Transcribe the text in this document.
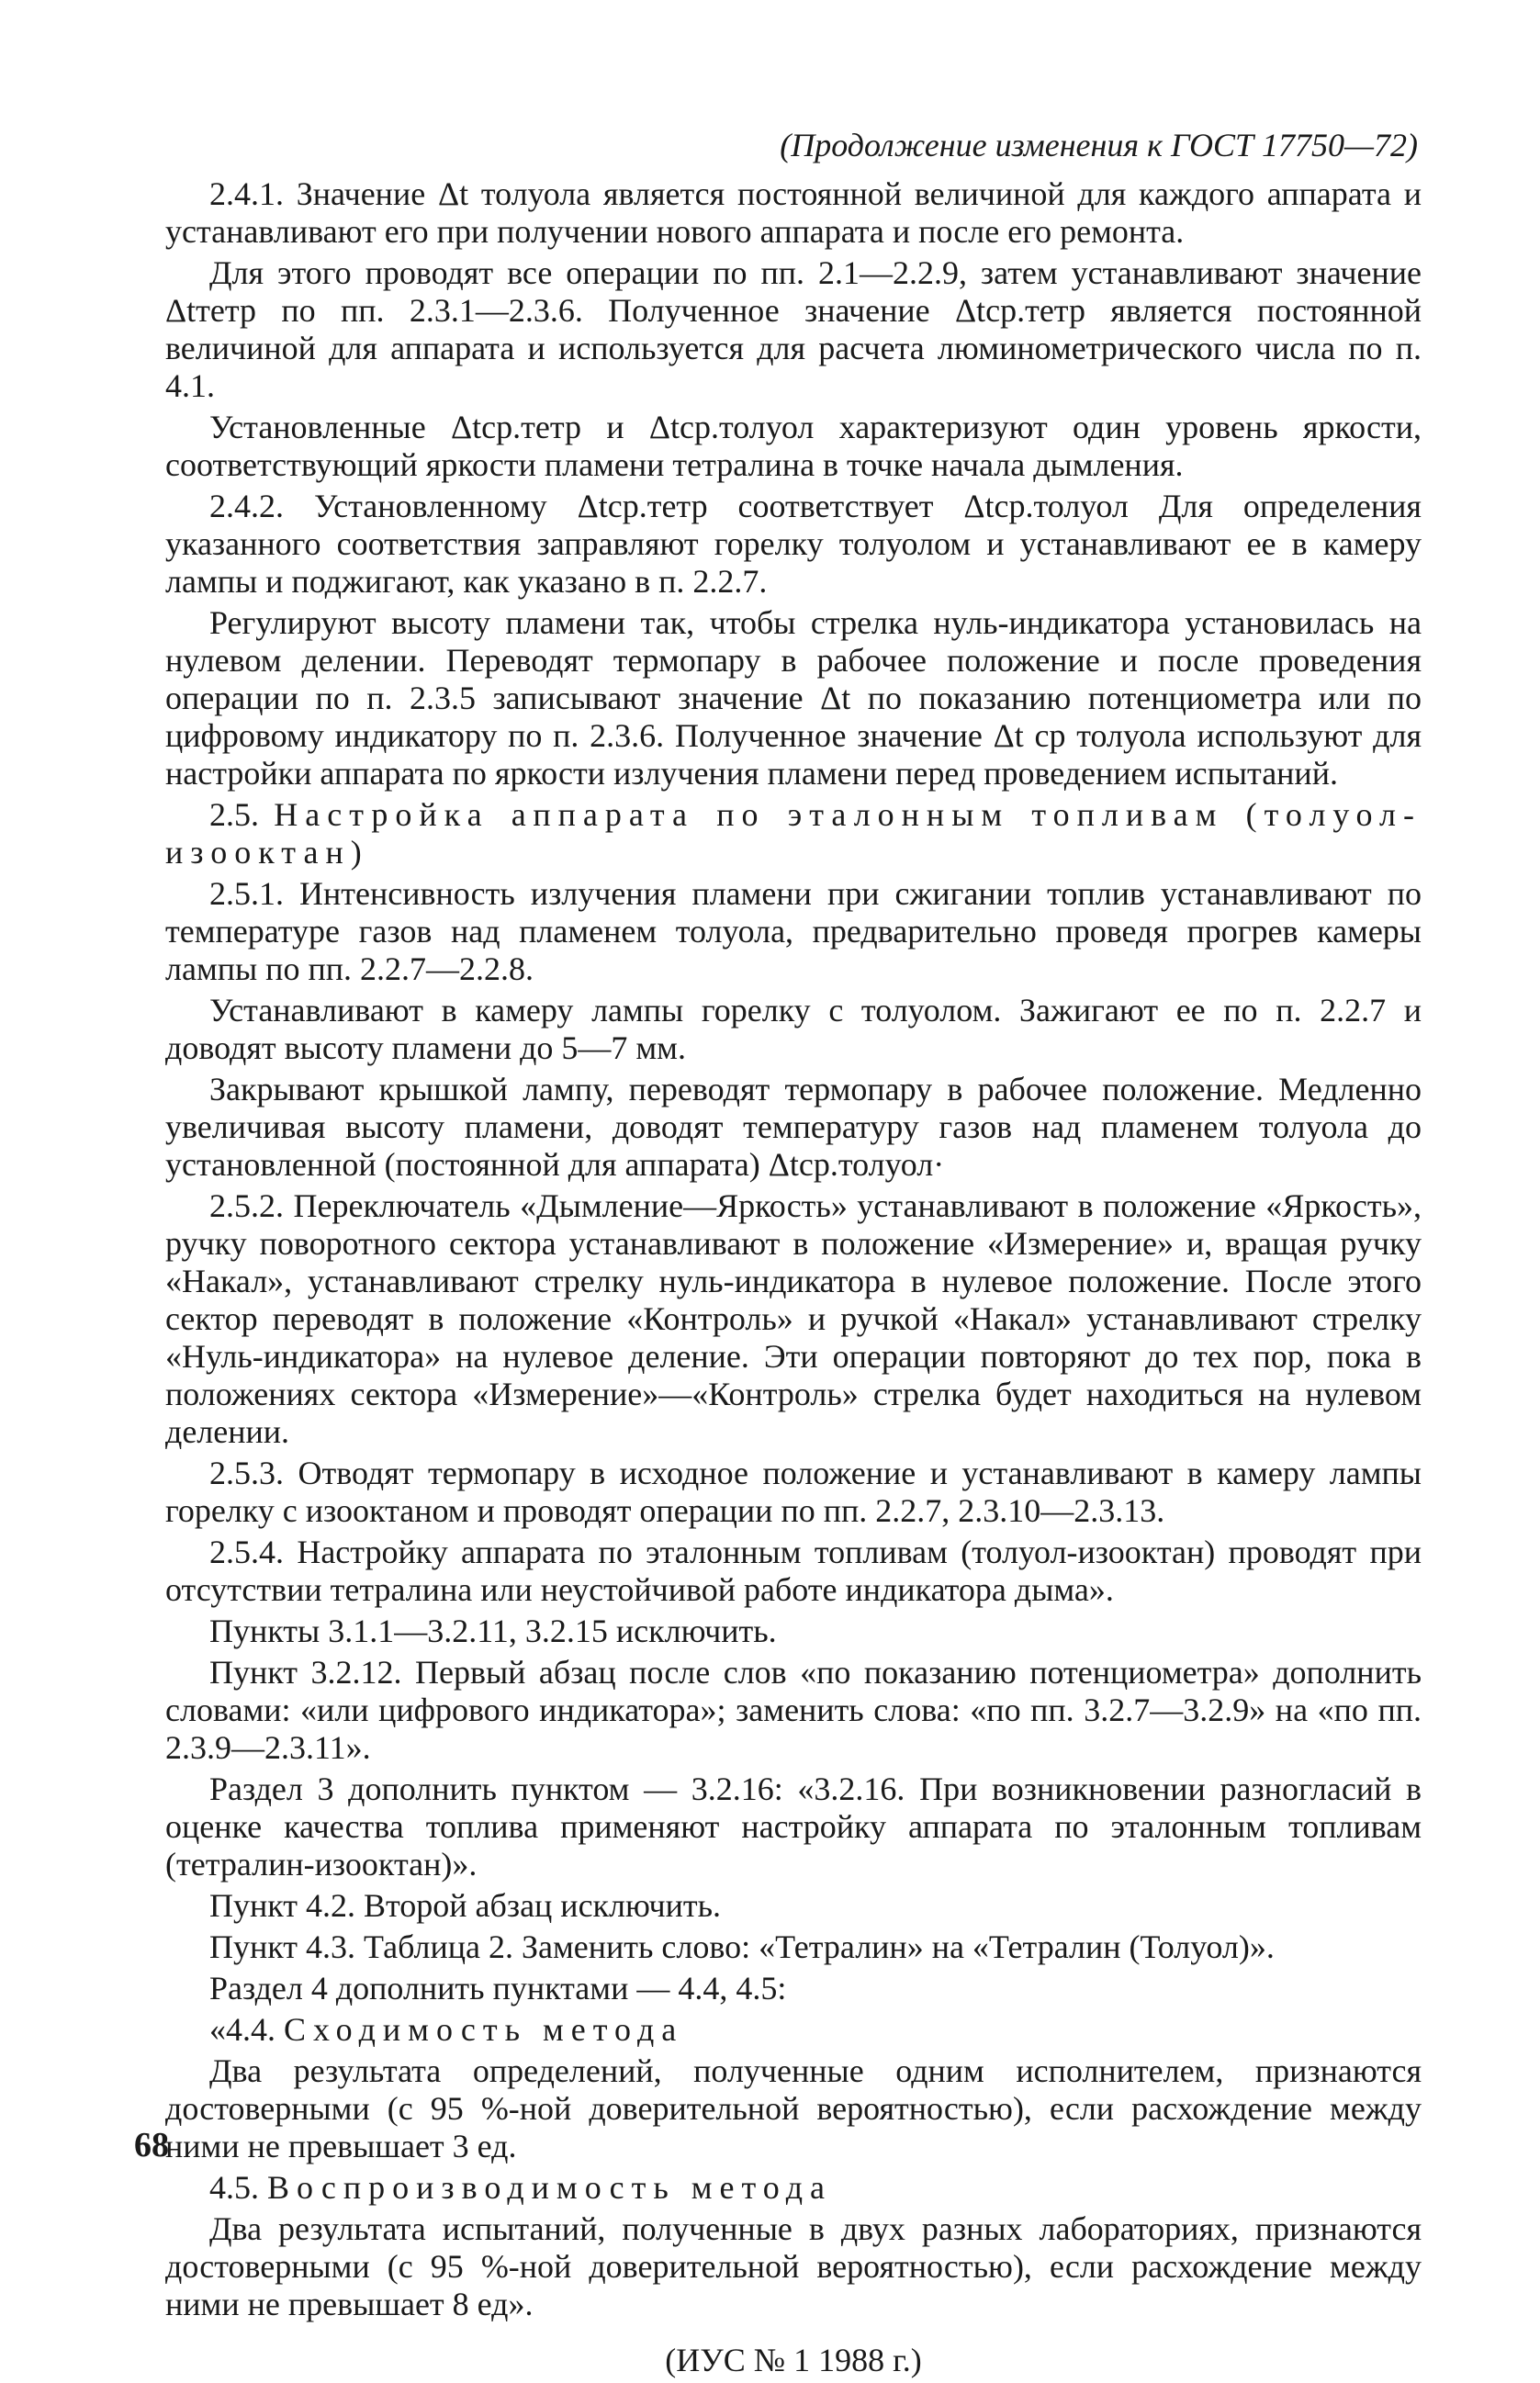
(Продолжение изменения к ГОСТ 17750—72)

2.4.1. Значение Δt толуола является постоянной величиной для каждого аппарата и устанавливают его при получении нового аппарата и после его ремонта.

Для этого проводят все операции по пп. 2.1—2.2.9, затем устанавливают значение Δtтетр по пп. 2.3.1—2.3.6. Полученное значение Δtср.тетр является постоянной величиной для аппарата и используется для расчета люминометрического числа по п. 4.1.

Установленные Δtср.тетр и Δtср.толуол характеризуют один уровень яркости, соответствующий яркости пламени тетралина в точке начала дымления.

2.4.2. Установленному Δtср.тетр соответствует Δtср.толуол Для определения указанного соответствия заправляют горелку толуолом и устанавливают ее в камеру лампы и поджигают, как указано в п. 2.2.7.

Регулируют высоту пламени так, чтобы стрелка нуль-индикатора установилась на нулевом делении. Переводят термопару в рабочее положение и после проведения операции по п. 2.3.5 записывают значение Δt по показанию потенциометра или по цифровому индикатору по п. 2.3.6. Полученное значение Δt ср толуола используют для настройки аппарата по яркости излучения пламени перед проведением испытаний.

2.5. Настройка аппарата по эталонным топливам (толуол-изооктан)

2.5.1. Интенсивность излучения пламени при сжигании топлив устанавливают по температуре газов над пламенем толуола, предварительно проведя прогрев камеры лампы по пп. 2.2.7—2.2.8.

Устанавливают в камеру лампы горелку с толуолом. Зажигают ее по п. 2.2.7 и доводят высоту пламени до 5—7 мм.

Закрывают крышкой лампу, переводят термопару в рабочее положение. Медленно увеличивая высоту пламени, доводят температуру газов над пламенем толуола до установленной (постоянной для аппарата) Δtср.толуол·

2.5.2. Переключатель «Дымление—Яркость» устанавливают в положение «Яркость», ручку поворотного сектора устанавливают в положение «Измерение» и, вращая ручку «Накал», устанавливают стрелку нуль-индикатора в нулевое положение. После этого сектор переводят в положение «Контроль» и ручкой «Накал» устанавливают стрелку «Нуль-индикатора» на нулевое деление. Эти операции повторяют до тех пор, пока в положениях сектора «Измерение»—«Контроль» стрелка будет находиться на нулевом делении.

2.5.3. Отводят термопару в исходное положение и устанавливают в камеру лампы горелку с изооктаном и проводят операции по пп. 2.2.7, 2.3.10—2.3.13.

2.5.4. Настройку аппарата по эталонным топливам (толуол-изооктан) проводят при отсутствии тетралина или неустойчивой работе индикатора дыма».

Пункты 3.1.1—3.2.11, 3.2.15 исключить.

Пункт 3.2.12. Первый абзац после слов «по показанию потенциометра» дополнить словами: «или цифрового индикатора»; заменить слова: «по пп. 3.2.7—3.2.9» на «по пп. 2.3.9—2.3.11».

Раздел 3 дополнить пунктом — 3.2.16: «3.2.16. При возникновении разногласий в оценке качества топлива применяют настройку аппарата по эталонным топливам (тетралин-изооктан)».

Пункт 4.2. Второй абзац исключить.

Пункт 4.3. Таблица 2. Заменить слово: «Тетралин» на «Тетралин (Толуол)».

Раздел 4 дополнить пунктами — 4.4, 4.5:

«4.4. Сходимость метода

Два результата определений, полученные одним исполнителем, признаются достоверными (с 95 %-ной доверительной вероятностью), если расхождение между ними не превышает 3 ед.

4.5. Воспроизводимость метода

Два результата испытаний, полученные в двух разных лабораториях, признаются достоверными (с 95 %-ной доверительной вероятностью), если расхождение между ними не превышает 8 ед».

(ИУС № 1 1988 г.)

68
